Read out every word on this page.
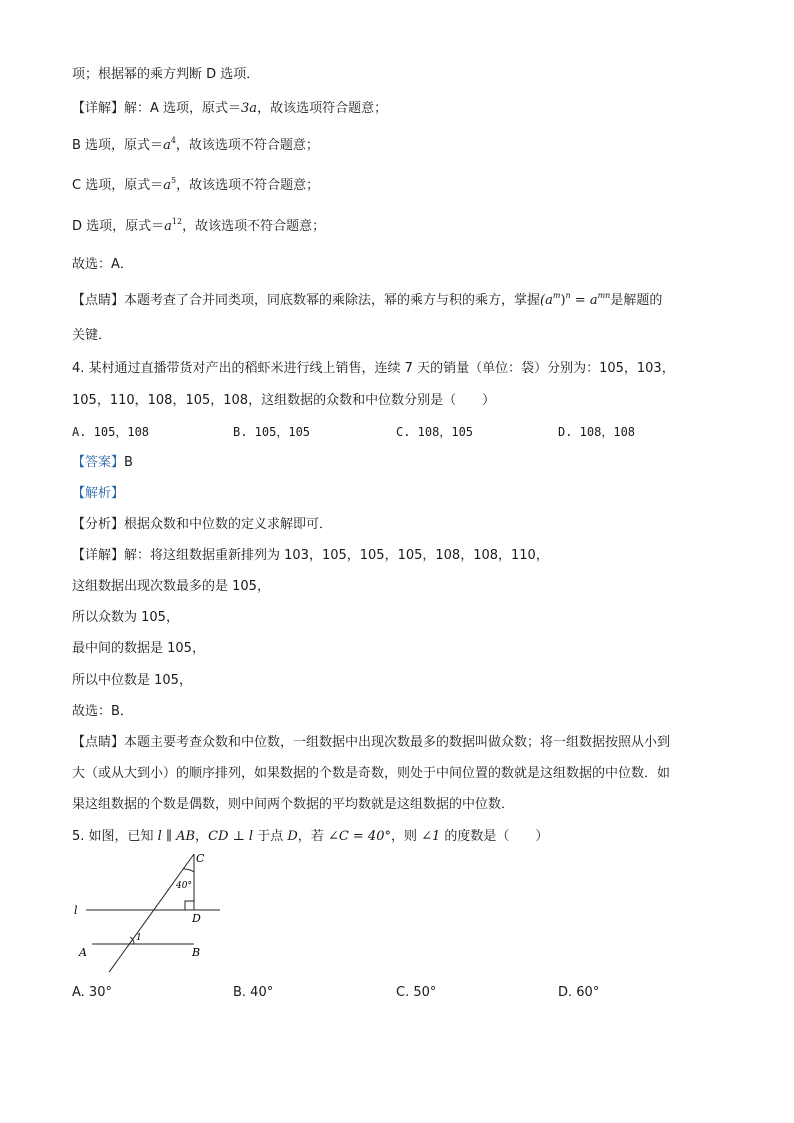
项；根据幂的乘方判断 D 选项．
【详解】解：A 选项，原式＝3a，故该选项符合题意；
B 选项，原式$=a^4$，故该选项不符合题意；
C 选项，原式$=a^5$，故该选项不符合题意；
D 选项，原式$=a^{12}$，故该选项不符合题意；
故选：A．
【点睛】本题考查了合并同类项，同底数幂的乘除法，幂的乘方与积的乘方，掌握$(a^m)^n = a^{mn}$是解题的
关键．
4. 某村通过直播带货对产出的稻虾米进行线上销售，连续 7 天的销量（单位：袋）分别为：105，103，
105，110，108，105，108，这组数据的众数和中位数分别是（　　）
A. 105，108	B. 105，105	C. 108，105	D. 108，108
【答案】B
【解析】
【分析】根据众数和中位数的定义求解即可．
【详解】解：将这组数据重新排列为 103，105，105，105，108，108，110，
这组数据出现次数最多的是 105，
所以众数为 105，
最中间的数据是 105，
所以中位数是 105，
故选：B．
【点睛】本题主要考查众数和中位数，一组数据中出现次数最多的数据叫做众数；将一组数据按照从小到
大（或从大到小）的顺序排列，如果数据的个数是奇数，则处于中间位置的数就是这组数据的中位数．如
果这组数据的个数是偶数，则中间两个数据的平均数就是这组数据的中位数．
5. 如图，已知 l ∥ AB，CD ⊥ l 于点 D，若 ∠C = 40°，则 ∠1 的度数是（　　）
C
40°
l
D
1
A	B
A. 30°	B. 40°	C. 50°	D. 60°
